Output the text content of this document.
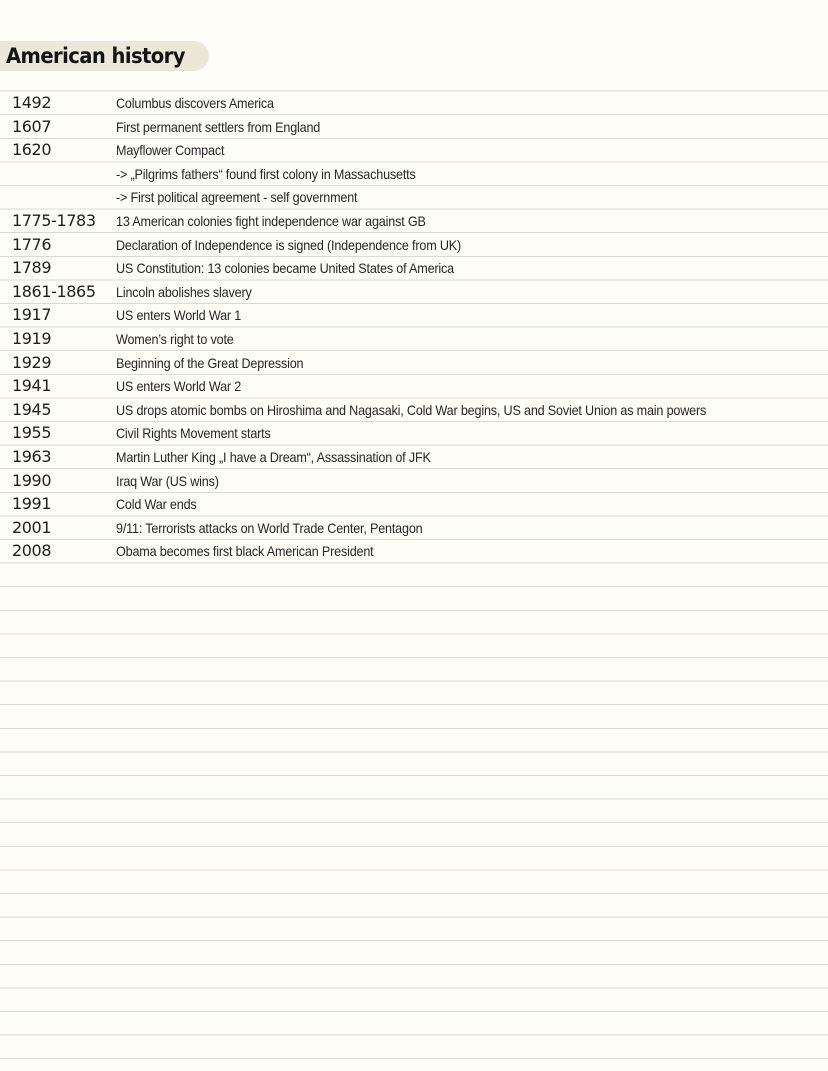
American history
1492	Columbus discovers America
1607	First permanent settlers from England
1620	Mayflower Compact
-> „Pilgrims fathers“ found first colony in Massachusetts
-> First political agreement - self government
1775-1783 13 American colonies fight independence war against GB
1776	Declaration of Independence is signed (Independence from UK)
1789	US Constitution: 13 colonies became United States of America
1861-1865 Lincoln abolishes slavery
1917	US enters World War 1
1919	Women’s right to vote
1929	Beginning of the Great Depression
1941	US enters World War 2
1945	US drops atomic bombs on Hiroshima and Nagasaki, Cold War begins, US and Soviet Union as main powers
1955	Civil Rights Movement starts
1963	Martin Luther King „I have a Dream“, Assassination of JFK
1990	Iraq War (US wins)
1991	Cold War ends
2001	9/11: Terrorists attacks on World Trade Center, Pentagon
2008	Obama becomes first black American President
